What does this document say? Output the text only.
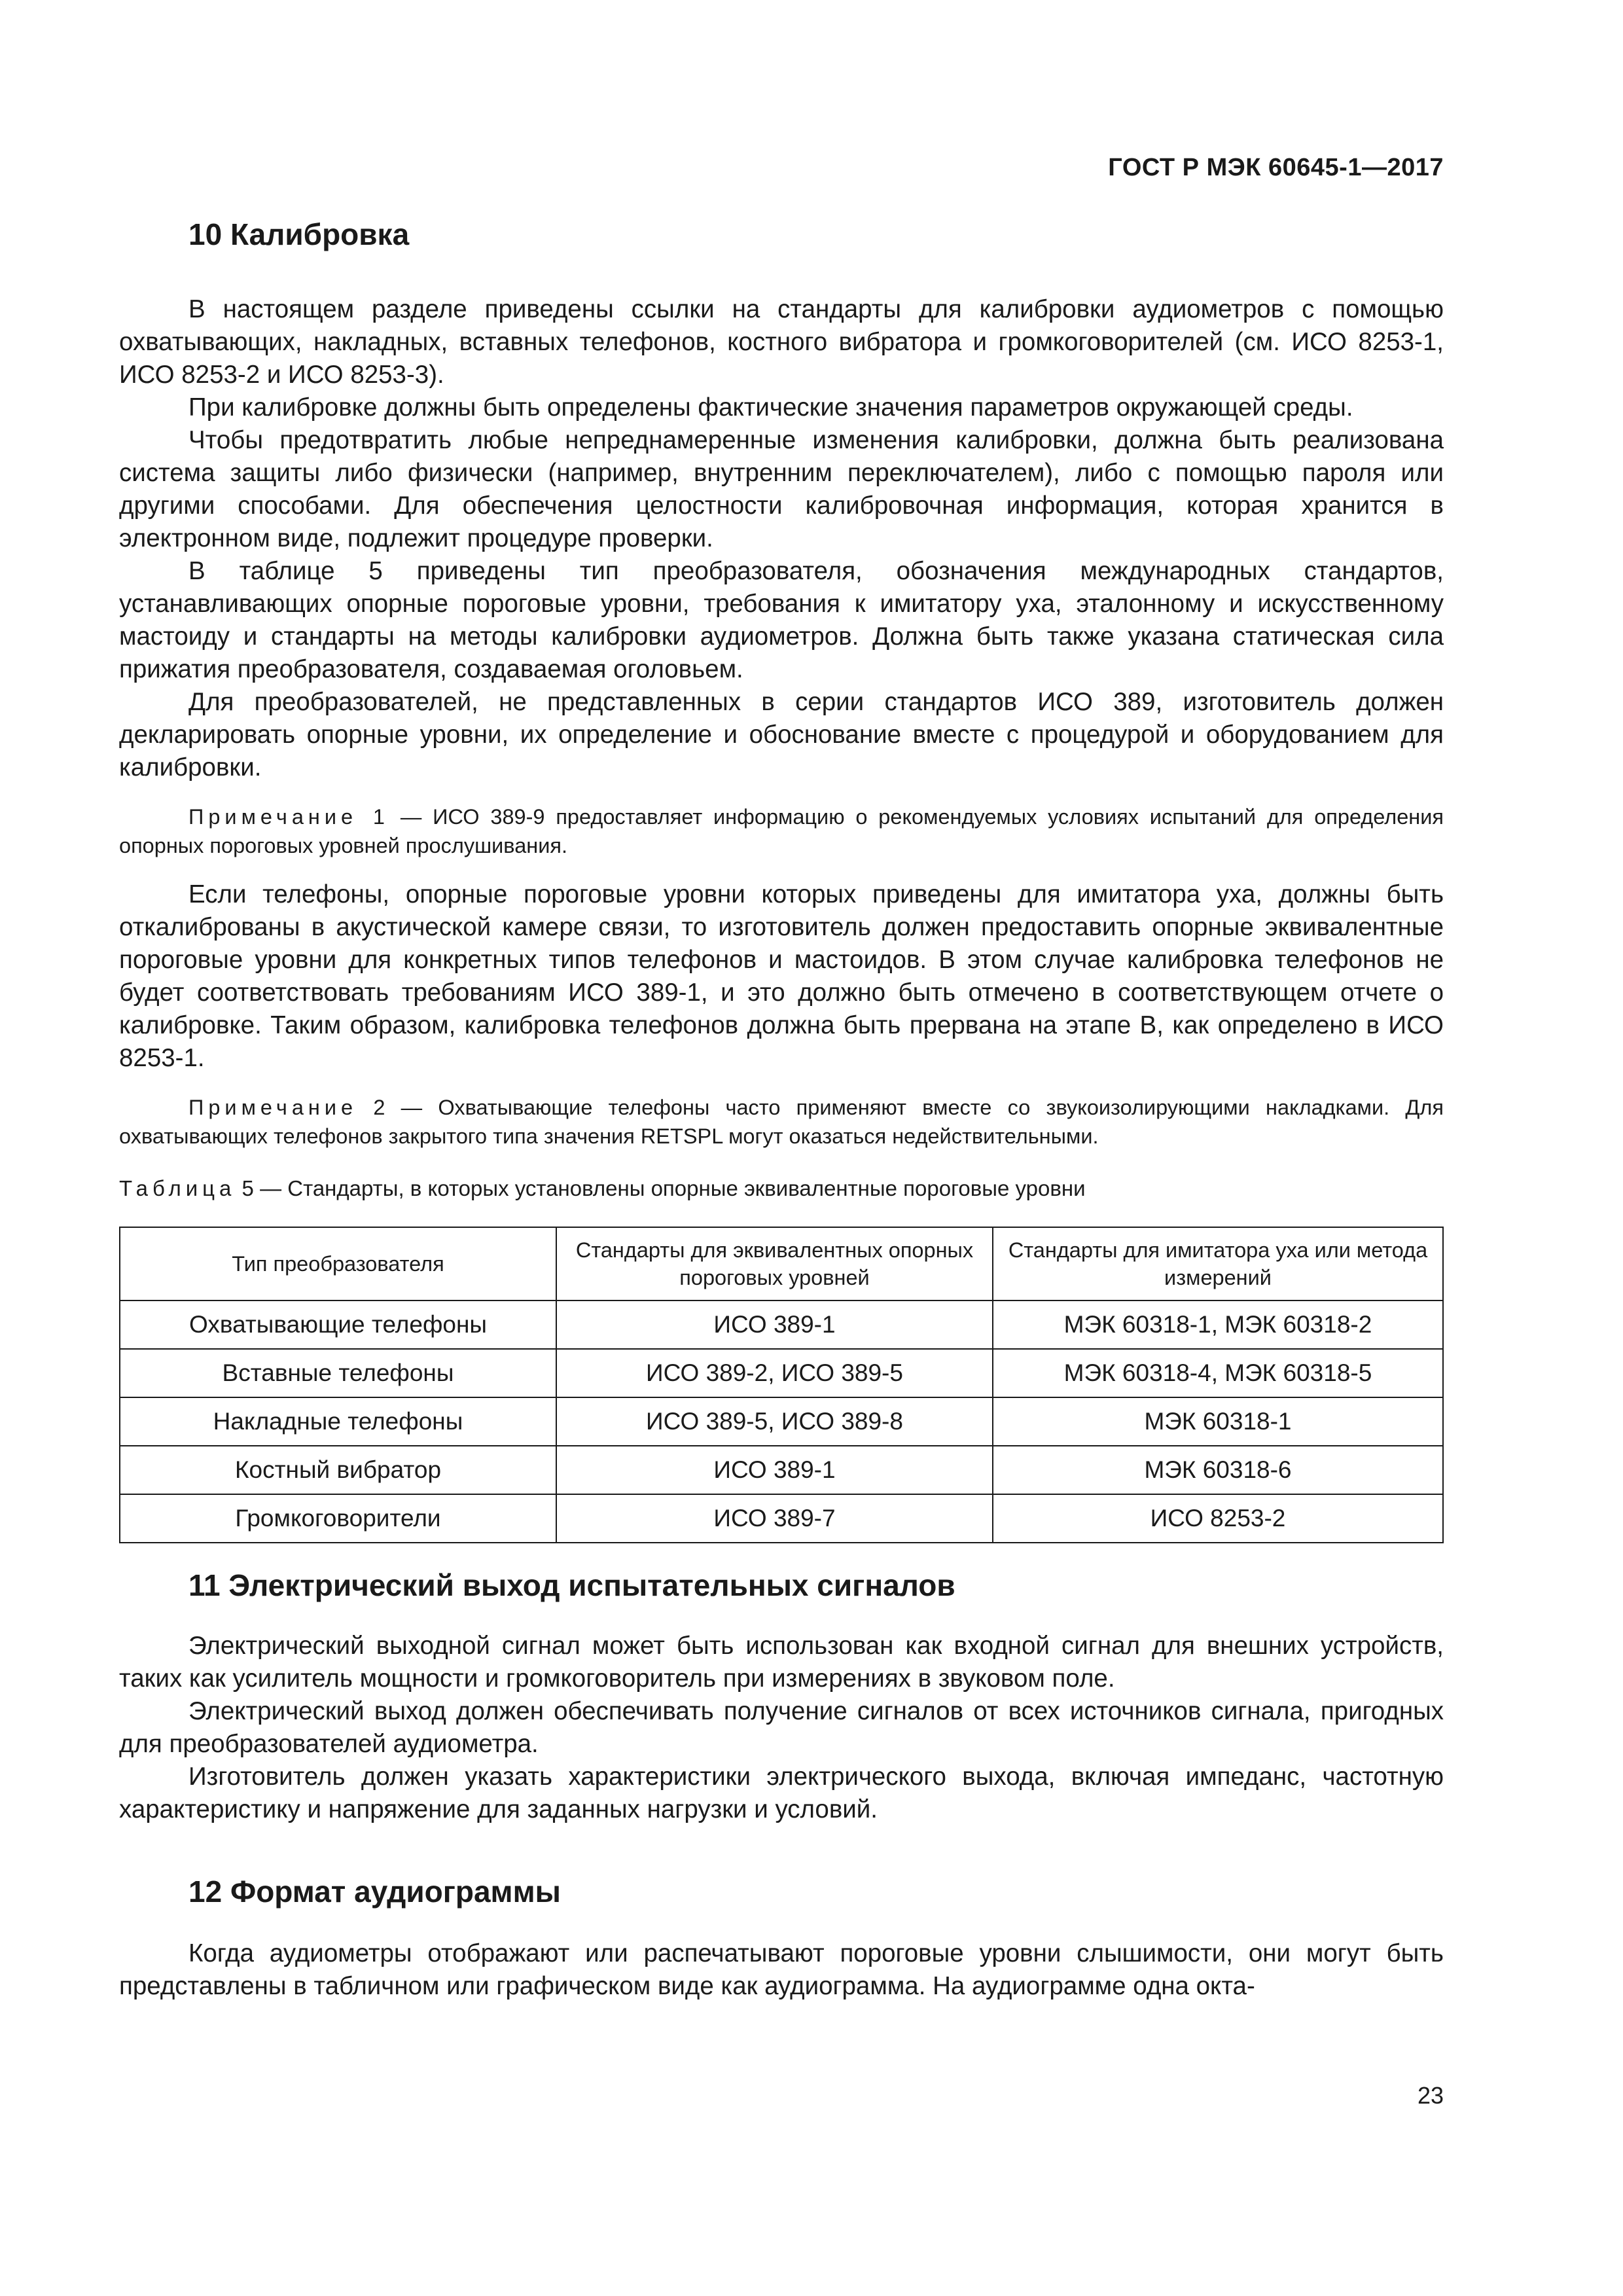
ГОСТ Р МЭК 60645-1—2017
10 Калибровка

В настоящем разделе приведены ссылки на стандарты для калибровки аудиометров с помощью охватывающих, накладных, вставных телефонов, костного вибратора и громкоговорителей (см. ИСО 8253-1, ИСО 8253-2 и ИСО 8253-3).

При калибровке должны быть определены фактические значения параметров окружающей среды.

Чтобы предотвратить любые непреднамеренные изменения калибровки, должна быть реализована система защиты либо физически (например, внутренним переключателем), либо с помощью пароля или другими способами. Для обеспечения целостности калибровочная информация, которая хранится в электронном виде, подлежит процедуре проверки.

В таблице 5 приведены тип преобразователя, обозначения международных стандартов, устанавливающих опорные пороговые уровни, требования к имитатору уха, эталонному и искусственному мастоиду и стандарты на методы калибровки аудиометров. Должна быть также указана статическая сила прижатия преобразователя, создаваемая оголовьем.

Для преобразователей, не представленных в серии стандартов ИСО 389, изготовитель должен декларировать опорные уровни, их определение и обоснование вместе с процедурой и оборудованием для калибровки.

Примечание 1 — ИСО 389-9 предоставляет информацию о рекомендуемых условиях испытаний для определения опорных пороговых уровней прослушивания.

Если телефоны, опорные пороговые уровни которых приведены для имитатора уха, должны быть откалиброваны в акустической камере связи, то изготовитель должен предоставить опорные эквивалентные пороговые уровни для конкретных типов телефонов и мастоидов. В этом случае калибровка телефонов не будет соответствовать требованиям ИСО 389-1, и это должно быть отмечено в соответствующем отчете о калибровке. Таким образом, калибровка телефонов должна быть прервана на этапе В, как определено в ИСО 8253-1.

Примечание 2 — Охватывающие телефоны часто применяют вместе со звукоизолирующими накладками. Для охватывающих телефонов закрытого типа значения RETSPL могут оказаться недействительными.

Таблица 5 — Стандарты, в которых установлены опорные эквивалентные пороговые уровни
Тип преобразователя	Стандарты для эквивалентных опорных пороговых уровней	Стандарты для имитатора уха или метода измерений
Охватывающие телефоны	ИСО 389-1	МЭК 60318-1, МЭК 60318-2
Вставные телефоны	ИСО 389-2, ИСО 389-5	МЭК 60318-4, МЭК 60318-5
Накладные телефоны	ИСО 389-5, ИСО 389-8	МЭК 60318-1
Костный вибратор	ИСО 389-1	МЭК 60318-6
Громкоговорители	ИСО 389-7	ИСО 8253-2
11 Электрический выход испытательных сигналов

Электрический выходной сигнал может быть использован как входной сигнал для внешних устройств, таких как усилитель мощности и громкоговоритель при измерениях в звуковом поле.

Электрический выход должен обеспечивать получение сигналов от всех источников сигнала, пригодных для преобразователей аудиометра.

Изготовитель должен указать характеристики электрического выхода, включая импеданс, частотную характеристику и напряжение для заданных нагрузки и условий.

12 Формат аудиограммы

Когда аудиометры отображают или распечатывают пороговые уровни слышимости, они могут быть представлены в табличном или графическом виде как аудиограмма. На аудиограмме одна окта-

23
